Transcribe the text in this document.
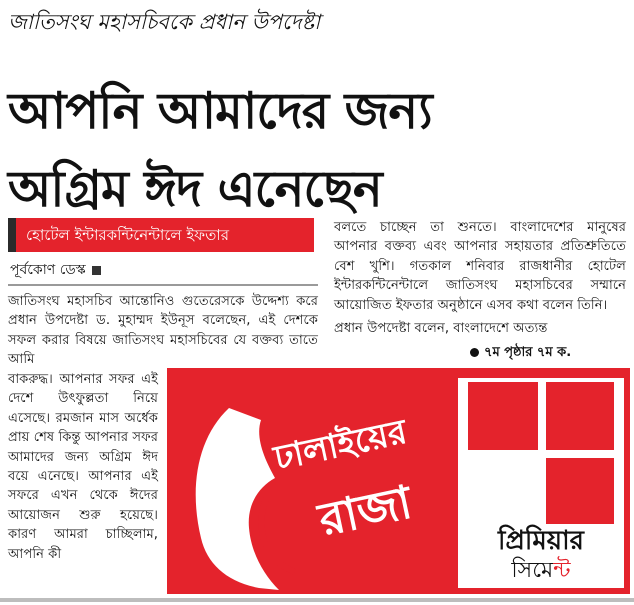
জাতিসংঘ মহাসচিবকে প্রধান উপদেষ্টা
আপনি আমাদের জন্য
অগ্রিম ঈদ এনেছেন
হোটেল ইন্টারকন্টিনেন্টালে ইফতার
পূর্বকোণ ডেস্ক
জাতিসংঘ মহাসচিব আন্তোনিও গুতেরেসকে উদ্দেশ্য করে প্রধান উপদেষ্টা ড. মুহাম্মদ ইউনূস বলেছেন, এই দেশকে সফল করার বিষয়ে জাতিসংঘ মহাসচিবের যে বক্তব্য তাতে আমি
বাকরুদ্ধ। আপনার সফর এই দেশে উৎফুল্লতা নিয়ে এসেছে। রমজান মাস অর্ধেক প্রায় শেষ কিন্তু আপনার সফর আমাদের জন্য অগ্রিম ঈদ বয়ে এনেছে। আপনার এই সফরে এখন থেকে ঈদের আয়োজন শুরু হয়েছে। কারণ আমরা চাচ্ছিলাম, আপনি কী

বলতে চাচ্ছেন তা শুনতে। বাংলাদেশের মানুষের আপনার বক্তব্য এবং আপনার সহায়তার প্রতিশ্রুতিতে বেশ খুশি। গতকাল শনিবার রাজধানীর হোটেল ইন্টারকন্টিনেন্টালে জাতিসংঘ মহাসচিবের সম্মানে আয়োজিত ইফতার অনুষ্ঠানে এসব কথা বলেন তিনি।

প্রধান উপদেষ্টা বলেন, বাংলাদেশে অত্যন্ত

৭ম পৃষ্ঠার ৭ম ক.
ঢালাইয়ের
রাজা	প্রিমিয়ার
সিমেন্ট
